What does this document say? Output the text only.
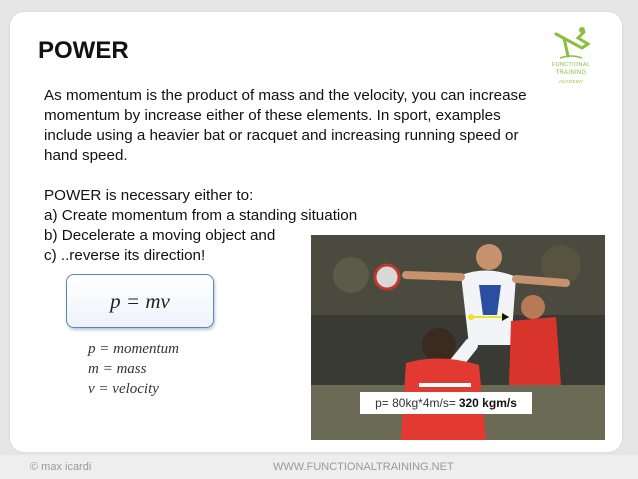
POWER
FUNCTIONAL
TRAINING
ACADEMY

As momentum is the product of mass and the velocity, you can increase momentum by increase either of these elements. In sport, examples include using a heavier bat or racquet and increasing running speed or hand speed.

POWER is necessary either to:

a) Create momentum from a standing situation

b) Decelerate a moving object and

c) ..reverse its direction!

p = mv
p = momentum
m = mass
v = velocity
p= 80kg*4m/s= 320 kgm/s
© max icardi	WWW.FUNCTIONALTRAINING.NET
